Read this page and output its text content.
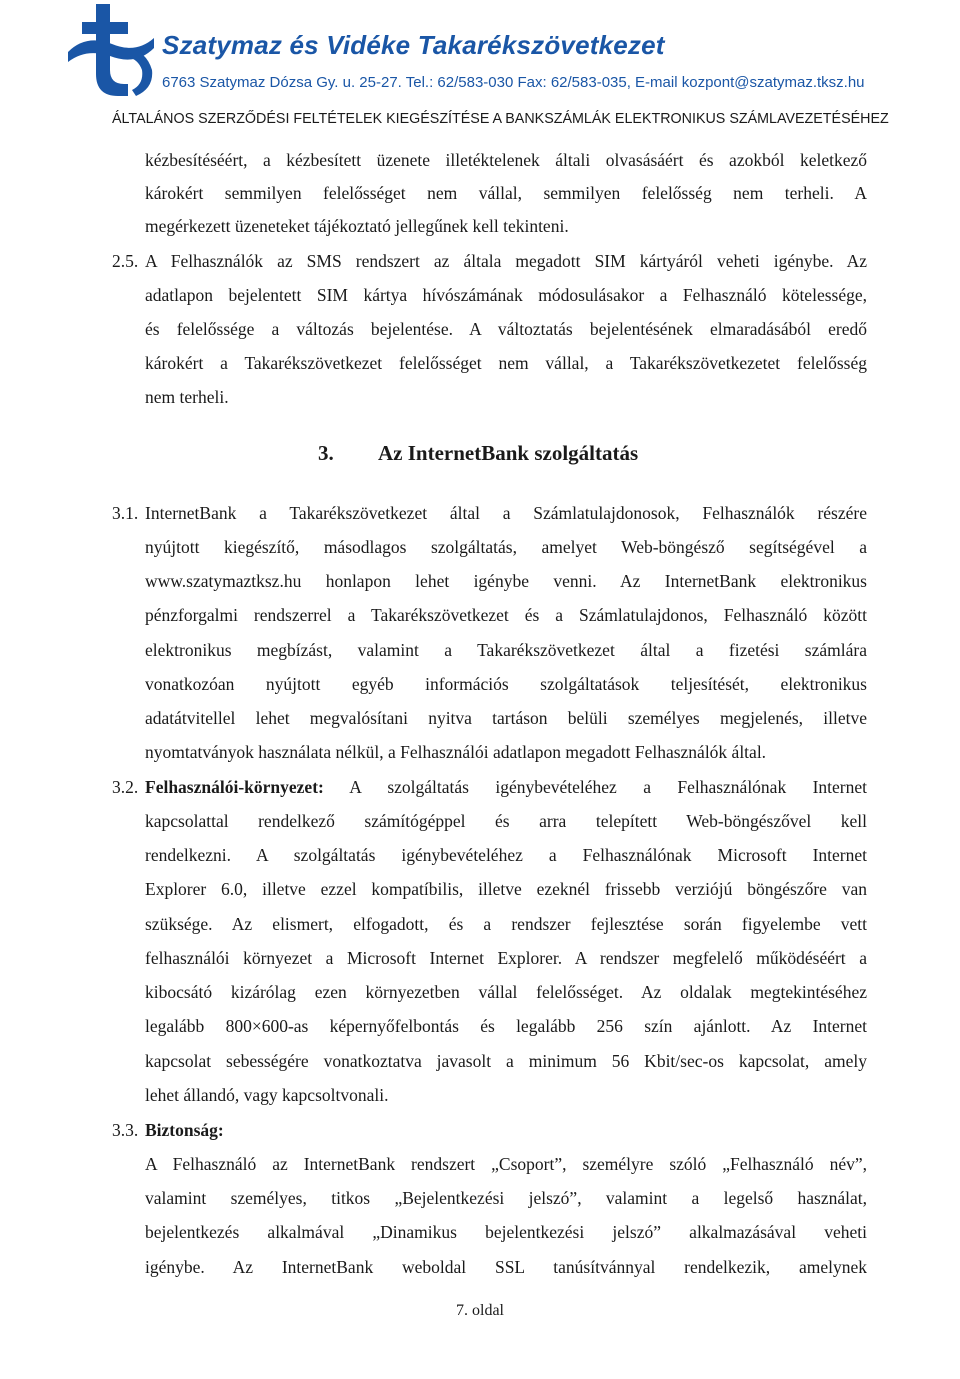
Szatymaz és Vidéke Takarékszövetkezet
6763 Szatymaz Dózsa Gy. u. 25-27. Tel.: 62/583-030 Fax: 62/583-035, E-mail kozpont@szatymaz.tksz.hu
ÁLTALÁNOS SZERZŐDÉSI FELTÉTELEK KIEGÉSZÍTÉSE A BANKSZÁMLÁK ELEKTRONIKUS SZÁMLAVEZETÉSÉHEZ

kézbesítéséért, a kézbesített üzenete illetéktelenek általi olvasásáért és azokból keletkező

károkért semmilyen felelősséget nem vállal, semmilyen felelősség nem terheli. A

megérkezett üzeneteket tájékoztató jellegűnek kell tekinteni.

2.5. A Felhasználók az SMS rendszert az általa megadott SIM kártyáról veheti igénybe. Az

adatlapon bejelentett SIM kártya hívószámának módosulásakor a Felhasználó kötelessége,

és felelőssége a változás bejelentése. A változtatás bejelentésének elmaradásából eredő

károkért a Takarékszövetkezet felelősséget nem vállal, a Takarékszövetkezetet felelősség

nem terheli.

3. Az InternetBank szolgáltatás
3.1. InternetBank a Takarékszövetkezet által a Számlatulajdonosok, Felhasználók részére

nyújtott kiegészítő, másodlagos szolgáltatás, amelyet Web-böngésző segítségével a

www.szatymaztksz.hu honlapon lehet igénybe venni. Az InternetBank elektronikus

pénzforgalmi rendszerrel a Takarékszövetkezet és a Számlatulajdonos, Felhasználó között

elektronikus megbízást, valamint a Takarékszövetkezet által a fizetési számlára

vonatkozóan nyújtott egyéb információs szolgáltatások teljesítését, elektronikus

adatátvitellel lehet megvalósítani nyitva tartáson belüli személyes megjelenés, illetve

nyomtatványok használata nélkül, a Felhasználói adatlapon megadott Felhasználók által.

3.2. Felhasználói-környezet: A szolgáltatás igénybevételéhez a Felhasználónak Internet

kapcsolattal rendelkező számítógéppel és arra telepített Web-böngészővel kell

rendelkezni. A szolgáltatás igénybevételéhez a Felhasználónak Microsoft Internet

Explorer 6.0, illetve ezzel kompatíbilis, illetve ezeknél frissebb verziójú böngészőre van

szüksége. Az elismert, elfogadott, és a rendszer fejlesztése során figyelembe vett

felhasználói környezet a Microsoft Internet Explorer. A rendszer megfelelő működéséért a

kibocsátó kizárólag ezen környezetben vállal felelősséget. Az oldalak megtekintéséhez

legalább 800×600-as képernyőfelbontás és legalább 256 szín ajánlott. Az Internet

kapcsolat sebességére vonatkoztatva javasolt a minimum 56 Kbit/sec-os kapcsolat, amely

lehet állandó, vagy kapcsoltvonali.

3.3. Biztonság:

A Felhasználó az InternetBank rendszert „Csoport”, személyre szóló „Felhasználó név”,

valamint személyes, titkos „Bejelentkezési jelszó”, valamint a legelső használat,

bejelentkezés alkalmával „Dinamikus bejelentkezési jelszó” alkalmazásával veheti

igénybe. Az InternetBank weboldal SSL tanúsítvánnyal rendelkezik, amelynek

7. oldal
